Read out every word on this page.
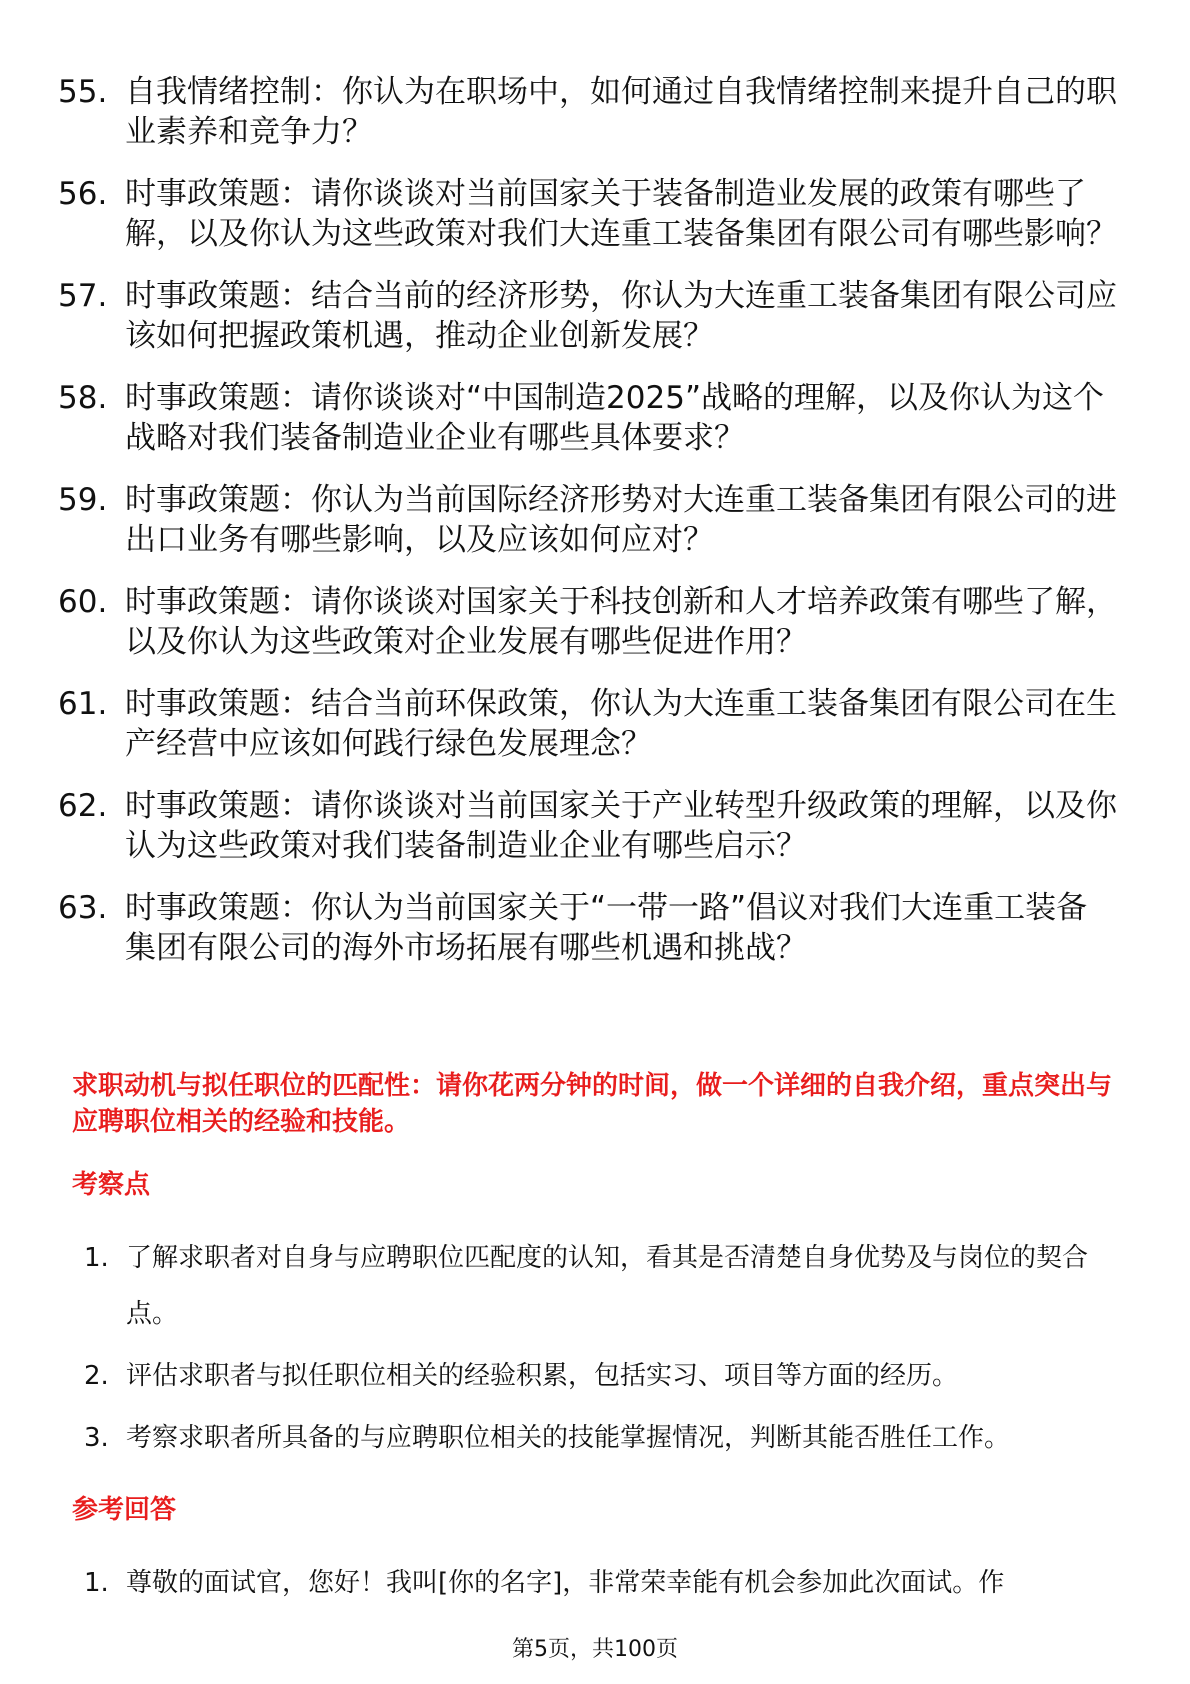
55. 自我情绪控制：你认为在职场中，如何通过自我情绪控制来提升自己的职业素养和竞争力？
56. 时事政策题：请你谈谈对当前国家关于装备制造业发展的政策有哪些了解，以及你认为这些政策对我们大连重工装备集团有限公司有哪些影响？
57. 时事政策题：结合当前的经济形势，你认为大连重工装备集团有限公司应该如何把握政策机遇，推动企业创新发展？
58. 时事政策题：请你谈谈对“中国制造2025”战略的理解，以及你认为这个战略对我们装备制造业企业有哪些具体要求？
59. 时事政策题：你认为当前国际经济形势对大连重工装备集团有限公司的进出口业务有哪些影响，以及应该如何应对？
60. 时事政策题：请你谈谈对国家关于科技创新和人才培养政策有哪些了解，以及你认为这些政策对企业发展有哪些促进作用？
61. 时事政策题：结合当前环保政策，你认为大连重工装备集团有限公司在生产经营中应该如何践行绿色发展理念？
62. 时事政策题：请你谈谈对当前国家关于产业转型升级政策的理解，以及你认为这些政策对我们装备制造业企业有哪些启示？
63. 时事政策题：你认为当前国家关于“一带一路”倡议对我们大连重工装备集团有限公司的海外市场拓展有哪些机遇和挑战？

求职动机与拟任职位的匹配性：请你花两分钟的时间，做一个详细的自我介绍，重点突出与应聘职位相关的经验和技能。

考察点
1. 了解求职者对自身与应聘职位匹配度的认知，看其是否清楚自身优势及与岗位的契合点。
2. 评估求职者与拟任职位相关的经验积累，包括实习、项目等方面的经历。
3. 考察求职者所具备的与应聘职位相关的技能掌握情况，判断其能否胜任工作。
参考回答
1. 尊敬的面试官，您好！我叫[你的名字]，非常荣幸能有机会参加此次面试。作
第5页，共100页
